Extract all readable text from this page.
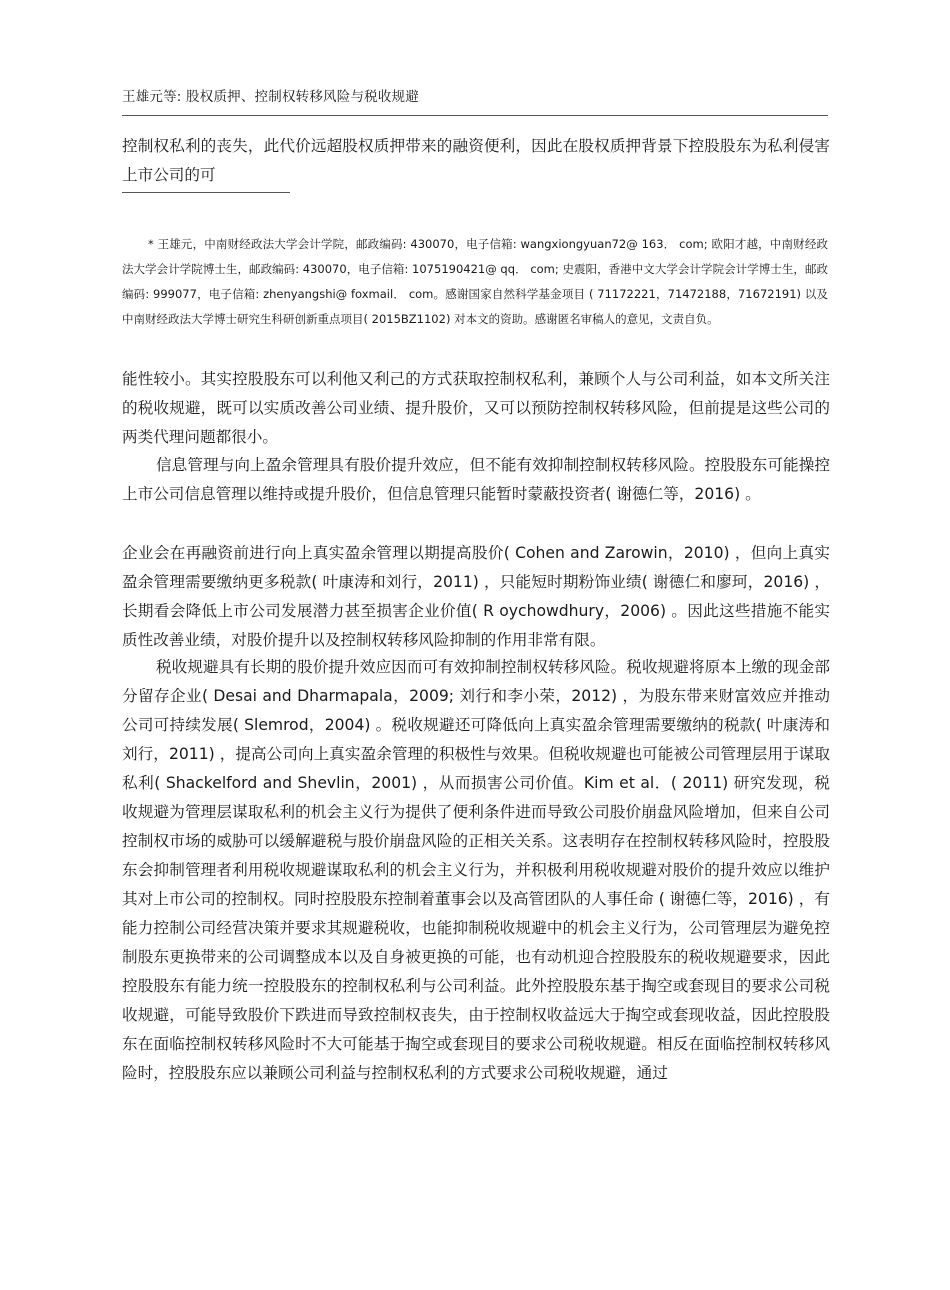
王雄元等: 股权质押、控制权转移风险与税收规避

控制权私利的丧失，此代价远超股权质押带来的融资便利，因此在股权质押背景下控股股东为私利侵害上市公司的可

* 王雄元，中南财经政法大学会计学院，邮政编码: 430070，电子信箱: wangxiongyuan72@ 163． com; 欧阳才越，中南财经政法大学会计学院博士生，邮政编码: 430070，电子信箱: 1075190421@ qq． com; 史震阳，香港中文大学会计学院会计学博士生，邮政编码: 999077，电子信箱: zhenyangshi@ foxmail． com。感谢国家自然科学基金项目 ( 71172221，71472188，71672191) 以及中南财经政法大学博士研究生科研创新重点项目( 2015BZ1102) 对本文的资助。感谢匿名审稿人的意见，文责自负。

能性较小。其实控股股东可以利他又利己的方式获取控制权私利，兼顾个人与公司利益，如本文所关注的税收规避，既可以实质改善公司业绩、提升股价，又可以预防控制权转移风险，但前提是这些公司的两类代理问题都很小。

信息管理与向上盈余管理具有股价提升效应，但不能有效抑制控制权转移风险。控股股东可能操控上市公司信息管理以维持或提升股价，但信息管理只能暂时蒙蔽投资者( 谢德仁等，2016) 。

企业会在再融资前进行向上真实盈余管理以期提高股价( Cohen and Zarowin，2010) ，但向上真实盈余管理需要缴纳更多税款( 叶康涛和刘行，2011) ，只能短时期粉饰业绩( 谢德仁和廖珂，2016) ，长期看会降低上市公司发展潜力甚至损害企业价值( R oychowdhury，2006) 。因此这些措施不能实质性改善业绩，对股价提升以及控制权转移风险抑制的作用非常有限。

税收规避具有长期的股价提升效应因而可有效抑制控制权转移风险。税收规避将原本上缴的现金部分留存企业( Desai and Dharmapala，2009; 刘行和李小荣，2012) ，为股东带来财富效应并推动公司可持续发展( Slemrod，2004) 。税收规避还可降低向上真实盈余管理需要缴纳的税款( 叶康涛和刘行，2011) ，提高公司向上真实盈余管理的积极性与效果。但税收规避也可能被公司管理层用于谋取私利( Shackelford and Shevlin，2001) ，从而损害公司价值。Kim et al．( 2011) 研究发现，税收规避为管理层谋取私利的机会主义行为提供了便利条件进而导致公司股价崩盘风险增加，但来自公司控制权市场的威胁可以缓解避税与股价崩盘风险的正相关关系。这表明存在控制权转移风险时，控股股东会抑制管理者利用税收规避谋取私利的机会主义行为，并积极利用税收规避对股价的提升效应以维护其对上市公司的控制权。同时控股股东控制着董事会以及高管团队的人事任命 ( 谢德仁等，2016) ，有能力控制公司经营决策并要求其规避税收，也能抑制税收规避中的机会主义行为，公司管理层为避免控制股东更换带来的公司调整成本以及自身被更换的可能，也有动机迎合控股股东的税收规避要求，因此控股股东有能力统一控股股东的控制权私利与公司利益。此外控股股东基于掏空或套现目的要求公司税收规避，可能导致股价下跌进而导致控制权丧失，由于控制权收益远大于掏空或套现收益，因此控股股东在面临控制权转移风险时不大可能基于掏空或套现目的要求公司税收规避。相反在面临控制权转移风险时，控股股东应以兼顾公司利益与控制权私利的方式要求公司税收规避，通过
